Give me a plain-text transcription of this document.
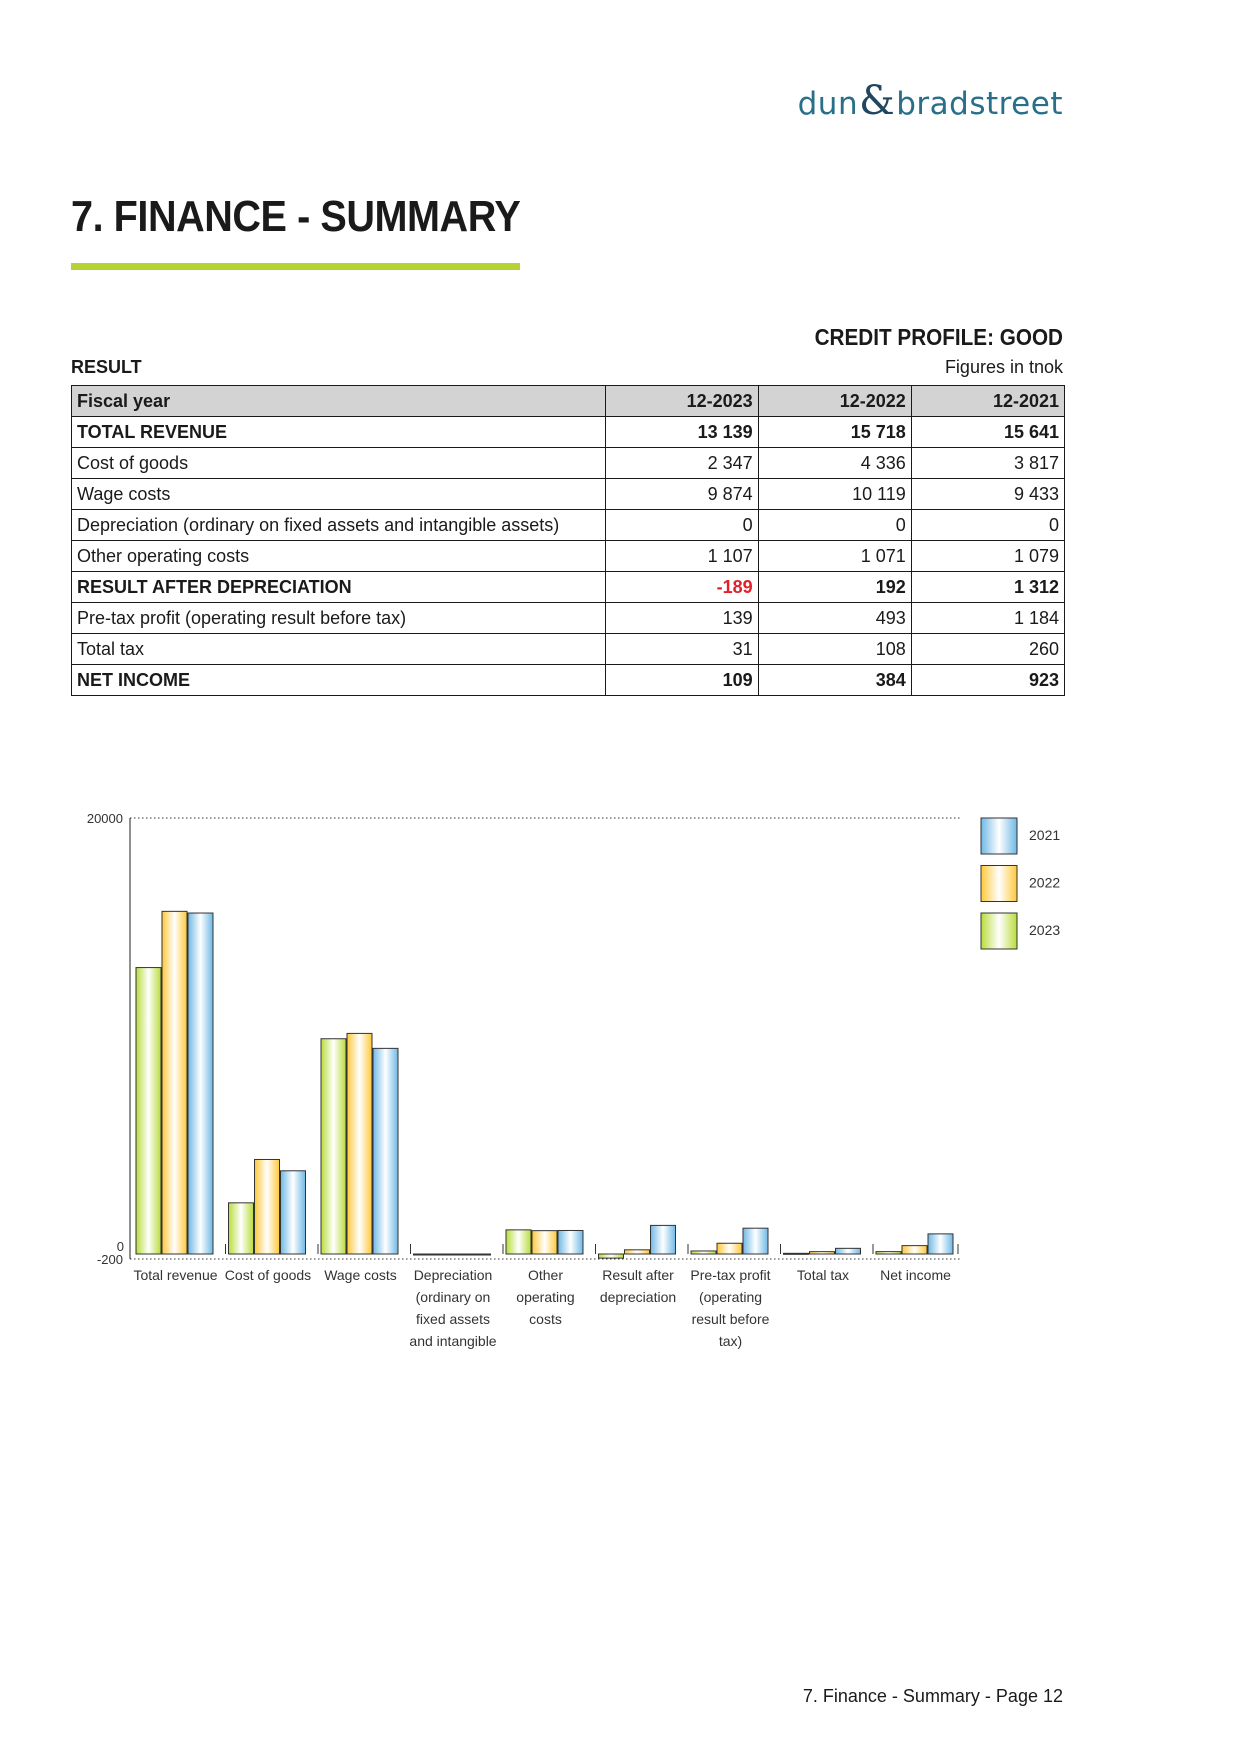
dun&bradstreet
7. FINANCE - SUMMARY
CREDIT PROFILE: GOOD
RESULT	Figures in tnok
Fiscal year	12-2023	12-2022	12-2021
TOTAL REVENUE	13 139	15 718	15 641
Cost of goods	2 347	4 336	3 817
Wage costs	9 874	10 119	9 433
Depreciation (ordinary on fixed assets and intangible assets)	0	0	0
Other operating costs	1 107	1 071	1 079
RESULT AFTER DEPRECIATION	-189	192	1 312
Pre-tax profit (operating result before tax)	139	493	1 184
Total tax	31	108	260
NET INCOME	109	384	923
20000
0
-200
Total revenue Cost of goods Wage costs Depreciation
(ordinary on
fixed assets
and intangible
Other
operating
costs
Result after
depreciation
Pre-tax profit
(operating
result before
tax)
Total tax Net income
2021
2022
2023
7. Finance - Summary - Page 12
